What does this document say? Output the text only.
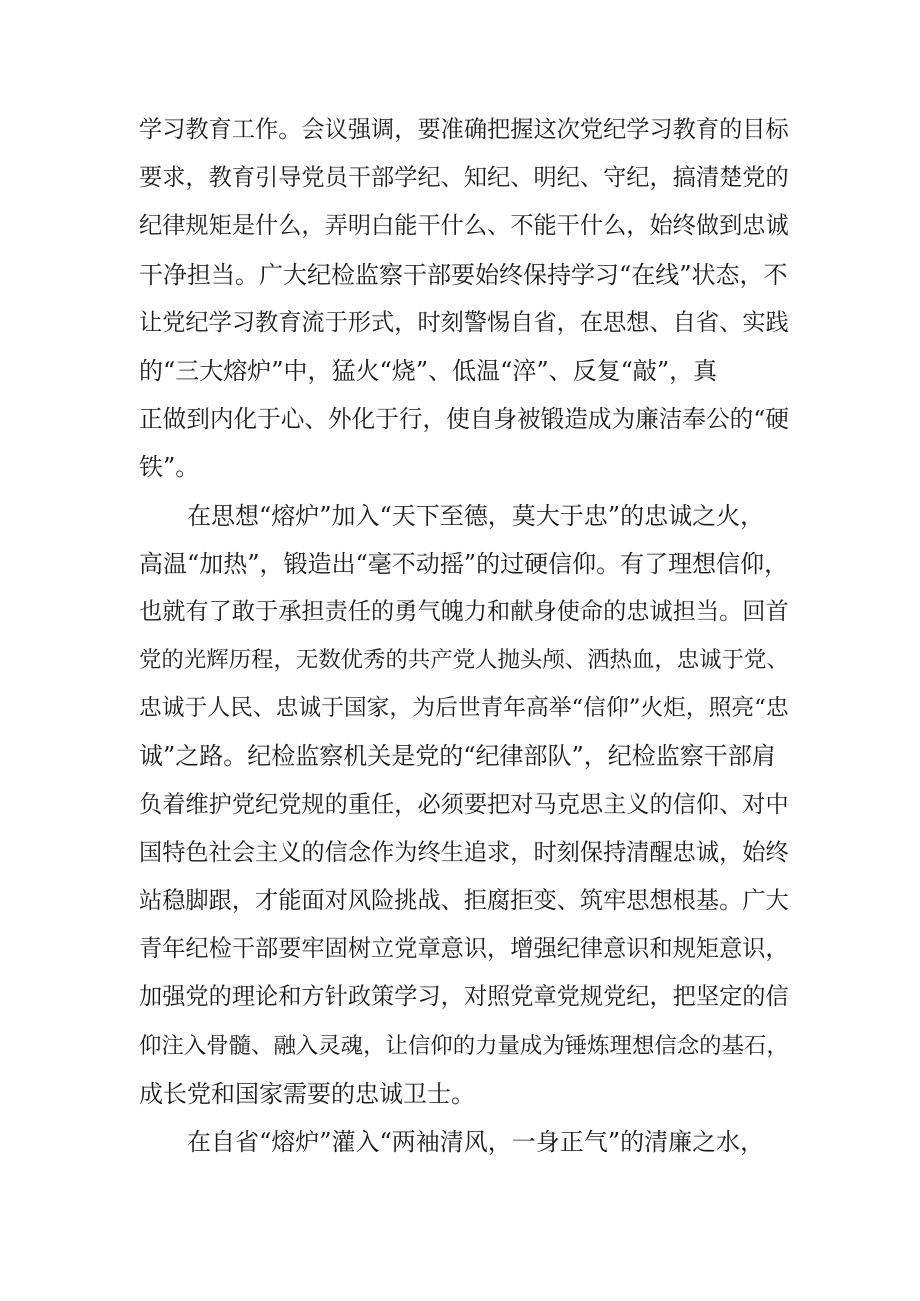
学习教育工作。会议强调，要准确把握这次党纪学习教育的目标
要求，教育引导党员干部学纪、知纪、明纪、守纪，搞清楚党的
纪律规矩是什么，弄明白能干什么、不能干什么，始终做到忠诚
干净担当。广大纪检监察干部要始终保持学习“在线”状态，不
让党纪学习教育流于形式，时刻警惕自省，在思想、自省、实践
的“三大熔炉”中，猛火“烧”、低温“淬”、反复“敲”，真
正做到内化于心、外化于行，使自身被锻造成为廉洁奉公的“硬
铁”。
　　在思想“熔炉”加入“天下至德，莫大于忠”的忠诚之火，
高温“加热”，锻造出“毫不动摇”的过硬信仰。有了理想信仰，
也就有了敢于承担责任的勇气魄力和献身使命的忠诚担当。回首
党的光辉历程，无数优秀的共产党人抛头颅、洒热血，忠诚于党、
忠诚于人民、忠诚于国家，为后世青年高举“信仰”火炬，照亮“忠
诚”之路。纪检监察机关是党的“纪律部队”，纪检监察干部肩
负着维护党纪党规的重任，必须要把对马克思主义的信仰、对中
国特色社会主义的信念作为终生追求，时刻保持清醒忠诚，始终
站稳脚跟，才能面对风险挑战、拒腐拒变、筑牢思想根基。广大
青年纪检干部要牢固树立党章意识，增强纪律意识和规矩意识，
加强党的理论和方针政策学习，对照党章党规党纪，把坚定的信
仰注入骨髓、融入灵魂，让信仰的力量成为锤炼理想信念的基石，
成长党和国家需要的忠诚卫士。
　　在自省“熔炉”灌入“两袖清风，一身正气”的清廉之水，
